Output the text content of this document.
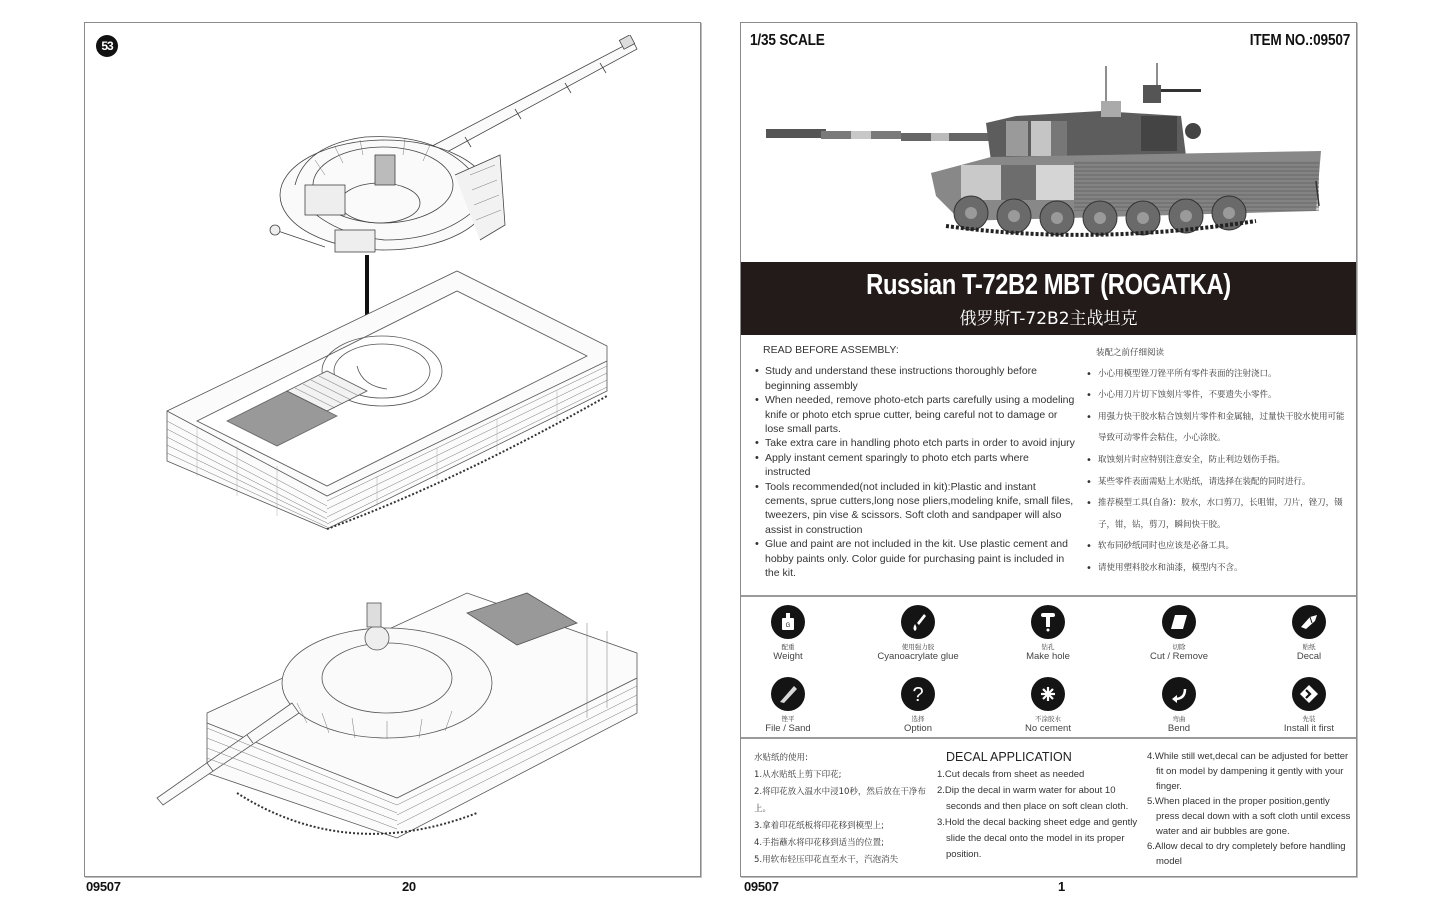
53
09507	20
1/35 SCALE	ITEM NO.:09507
Russian T-72B2 MBT (ROGATKA)
俄罗斯T-72B2主战坦克
READ BEFORE ASSEMBLY:
• Study and understand these instructions thoroughly before beginning assembly
• When needed, remove photo-etch parts carefully using a modeling knife or photo etch sprue cutter, being careful not to damage or lose small parts.
• Take extra care in handling photo etch parts in order to avoid injury
• Apply instant cement sparingly to photo etch parts where instructed
• Tools recommended(not included in kit):Plastic and instant cements, sprue cutters,long nose pliers,modeling knife, small files, tweezers, pin vise & scissors. Soft cloth and sandpaper will also assist in construction
• Glue and paint are not included in the kit. Use plastic cement and hobby paints only. Color guide for purchasing paint is included in the kit.
装配之前仔细阅读
• 小心用模型锉刀锉平所有零件表面的注射浇口。
• 小心用刀片切下蚀刻片零件，不要遗失小零件。
• 用强力快干胶水粘合蚀刻片零件和金属轴，过量快干胶水使用可能导致可动零件会粘住，小心涂胶。
• 取蚀刻片时应特别注意安全，防止利边划伤手指。
• 某些零件表面需贴上水贴纸，请选择在装配的同时进行。
• 推荐模型工具(自备)：胶水，水口剪刀，长咀钳，刀片，锉刀，镊子，钳，钻，剪刀，瞬间快干胶。
• 软布同砂纸同时也应该是必备工具。
• 请使用塑料胶水和油漆，模型内不含。
G
配重
Weight
使用强力胶
Cyanoacrylate glue
钻孔
Make hole
切除
Cut / Remove
贴纸
Decal
锉平
File / Sand
?
选择
Option
不涂胶水
No cement
弯曲
Bend
先装
Install it first
水贴纸的使用:
1.从水贴纸上剪下印花;
2.将印花放入温水中浸10秒，然后放在干净布上。
3.拿着印花纸板将印花移到模型上;
4.手指蘸水将印花移到适当的位置;
5.用软布轻压印花直至水干，汽泡消失
DECAL APPLICATION
1.Cut decals from sheet as needed
2.Dip the decal in warm water for about 10 seconds and then place on soft clean cloth.
3.Hold the decal backing sheet edge and gently slide the decal onto the model in its proper position.
4.While still wet,decal can be adjusted for better fit on model by dampening it gently with your finger.
5.When placed in the proper position,gently press decal down with a soft cloth until excess water and air bubbles are gone.
6.Allow decal to dry completely before handling model
09507	1
